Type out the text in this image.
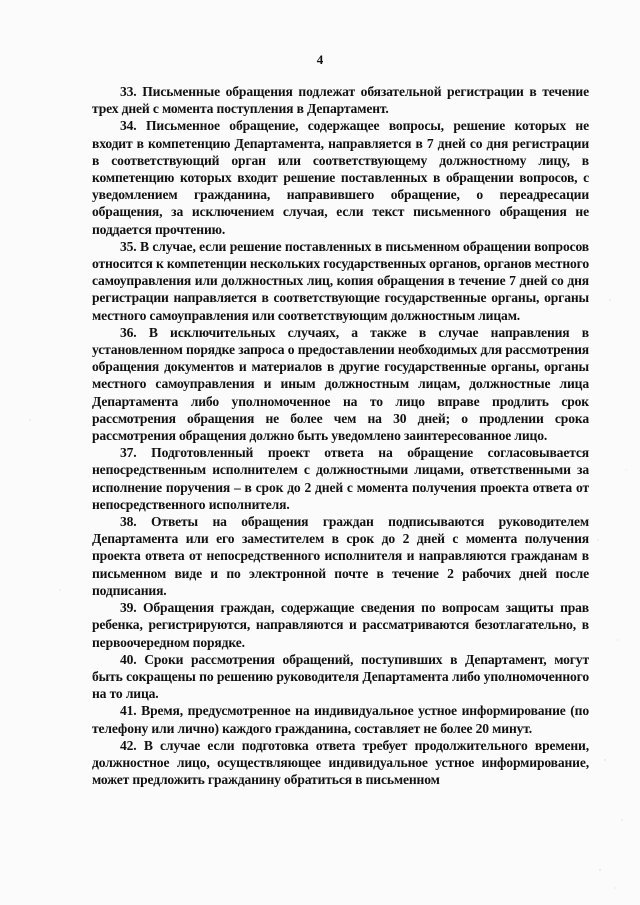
4

33. Письменные обращения подлежат обязательной регистрации в течение трех дней с момента поступления в Департамент.

34. Письменное обращение, содержащее вопросы, решение которых не входит в компетенцию Департамента, направляется в 7 дней со дня регистрации в соответствующий орган или соответствующему должностному лицу, в компетенцию которых входит решение поставленных в обращении вопросов, с уведомлением гражданина, направившего обращение, о переадресации обращения, за исключением случая, если текст письменного обращения не поддается прочтению.

35. В случае, если решение поставленных в письменном обращении вопросов относится к компетенции нескольких государственных органов, органов местного самоуправления или должностных лиц, копия обращения в течение 7 дней со дня регистрации направляется в соответствующие государственные органы, органы местного самоуправления или соответствующим должностным лицам.

36. В исключительных случаях, а также в случае направления в установленном порядке запроса о предоставлении необходимых для рассмотрения обращения документов и материалов в другие государственные органы, органы местного самоуправления и иным должностным лицам, должностные лица Департамента либо уполномоченное на то лицо вправе продлить срок рассмотрения обращения не более чем на 30 дней; о продлении срока рассмотрения обращения должно быть уведомлено заинтересованное лицо.

37. Подготовленный проект ответа на обращение согласовывается непосредственным исполнителем с должностными лицами, ответственными за исполнение поручения – в срок до 2 дней с момента получения проекта ответа от непосредственного исполнителя.

38. Ответы на обращения граждан подписываются руководителем Департамента или его заместителем в срок до 2 дней с момента получения проекта ответа от непосредственного исполнителя и направляются гражданам в письменном виде и по электронной почте в течение 2 рабочих дней после подписания.

39. Обращения граждан, содержащие сведения по вопросам защиты прав ребенка, регистрируются, направляются и рассматриваются безотлагательно, в первоочередном порядке.

40. Сроки рассмотрения обращений, поступивших в Департамент, могут быть сокращены по решению руководителя Департамента либо уполномоченного на то лица.

41. Время, предусмотренное на индивидуальное устное информирование (по телефону или лично) каждого гражданина, составляет не более 20 минут.

42. В случае если подготовка ответа требует продолжительного времени, должностное лицо, осуществляющее индивидуальное устное информирование, может предложить гражданину обратиться в письменном
